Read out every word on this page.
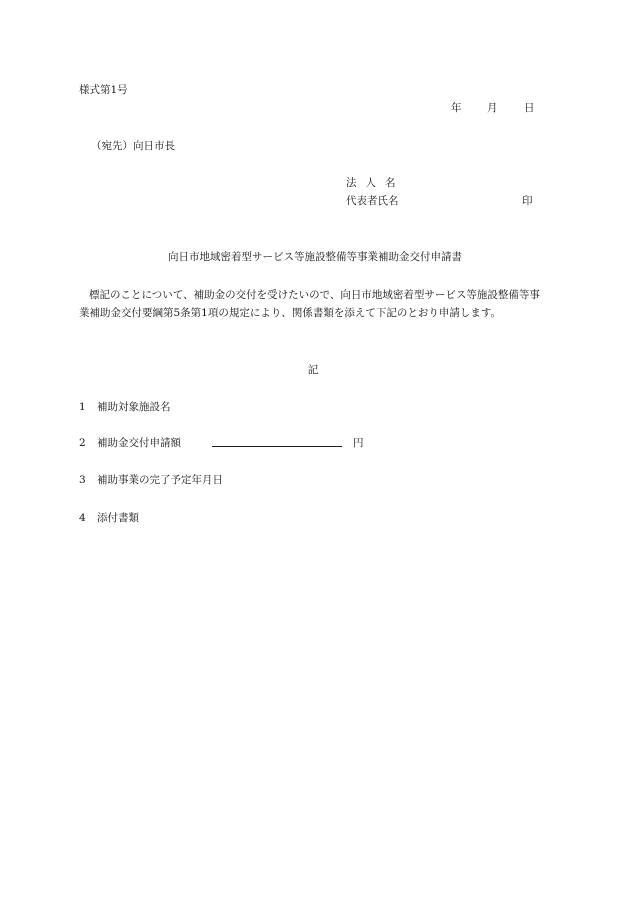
様式第1号
年 月	日
（宛先）向日市長
法人名
代表者氏名	印
向日市地域密着型サービス等施設整備等事業補助金交付申請書
標記のことについて、補助金の交付を受けたいので、向日市地域密着型サービス等施設整備等事業補助金交付要綱第5条第1項の規定により、関係書類を添えて下記のとおり申請します。
記
1 補助対象施設名
2 補助金交付申請額	円
3 補助事業の完了予定年月日
4 添付書類
